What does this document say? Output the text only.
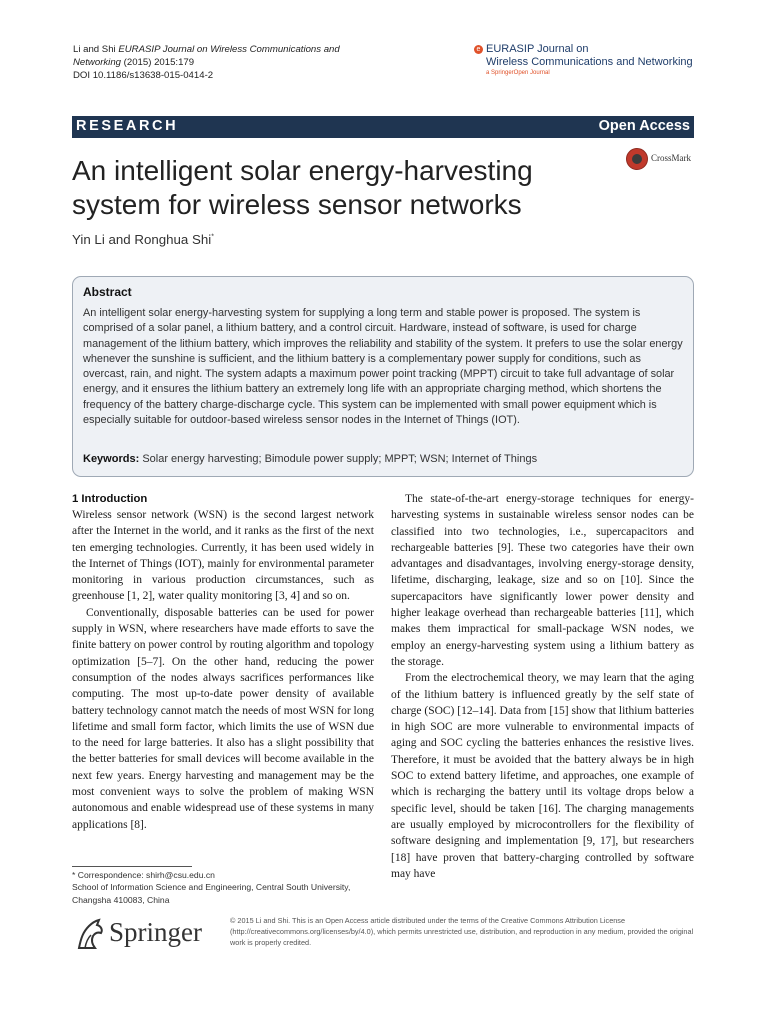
Li and Shi EURASIP Journal on Wireless Communications and
Networking (2015) 2015:179
DOI 10.1186/s13638-015-0414-2
e EURASIP Journal on
Wireless Communications and Networking
a SpringerOpen Journal
RESEARCH	Open Access
An intelligent solar energy-harvesting system for wireless sensor networks
CrossMark
Yin Li and Ronghua Shi*
Abstract
An intelligent solar energy-harvesting system for supplying a long term and stable power is proposed. The system is comprised of a solar panel, a lithium battery, and a control circuit. Hardware, instead of software, is used for charge management of the lithium battery, which improves the reliability and stability of the system. It prefers to use the solar energy whenever the sunshine is sufficient, and the lithium battery is a complementary power supply for conditions, such as overcast, rain, and night. The system adapts a maximum power point tracking (MPPT) circuit to take full advantage of solar energy, and it ensures the lithium battery an extremely long life with an appropriate charging method, which shortens the frequency of the battery charge-discharge cycle. This system can be implemented with small power equipment which is especially suitable for outdoor-based wireless sensor nodes in the Internet of Things (IOT).
Keywords: Solar energy harvesting; Bimodule power supply; MPPT; WSN; Internet of Things
1 Introduction

Wireless sensor network (WSN) is the second largest network after the Internet in the world, and it ranks as the first of the next ten emerging technologies. Currently, it has been used widely in the Internet of Things (IOT), mainly for environmental parameter monitoring in various production circumstances, such as greenhouse [1, 2], water quality monitoring [3, 4] and so on.

Conventionally, disposable batteries can be used for power supply in WSN, where researchers have made efforts to save the finite battery on power control by routing algorithm and topology optimization [5–7]. On the other hand, reducing the power consumption of the nodes always sacrifices performances like computing. The most up-to-date power density of available battery technology cannot match the needs of most WSN for long lifetime and small form factor, which limits the use of WSN due to the need for large batteries. It also has a slight possibility that the better batteries for small devices will become available in the next few years. Energy harvesting and management may be the most convenient ways to solve the problem of making WSN autonomous and enable widespread use of these systems in many applications [8].

The state-of-the-art energy-storage techniques for energy-harvesting systems in sustainable wireless sensor nodes can be classified into two technologies, i.e., supercapacitors and rechargeable batteries [9]. These two categories have their own advantages and disadvantages, involving energy-storage density, lifetime, discharging, leakage, size and so on [10]. Since the supercapacitors have significantly lower power density and higher leakage overhead than rechargeable batteries [11], which makes them impractical for small-package WSN nodes, we employ an energy-harvesting system using a lithium battery as the storage.

From the electrochemical theory, we may learn that the aging of the lithium battery is influenced greatly by the self state of charge (SOC) [12–14]. Data from [15] show that lithium batteries in high SOC are more vulnerable to environmental impacts of aging and SOC cycling the batteries enhances the resistive lives. Therefore, it must be avoided that the battery always be in high SOC to extend battery lifetime, and approaches, one example of which is recharging the battery until its voltage drops below a specific level, should be taken [16]. The charging managements are usually employed by microcontrollers for the flexibility of software designing and implementation [9, 17], but researchers [18] have proven that battery-charging controlled by software may have

* Correspondence: shirh@csu.edu.cn
School of Information Science and Engineering, Central South University,
Changsha 410083, China
Springer	© 2015 Li and Shi. This is an Open Access article distributed under the terms of the Creative Commons Attribution License (http://creativecommons.org/licenses/by/4.0), which permits unrestricted use, distribution, and reproduction in any medium, provided the original work is properly credited.
